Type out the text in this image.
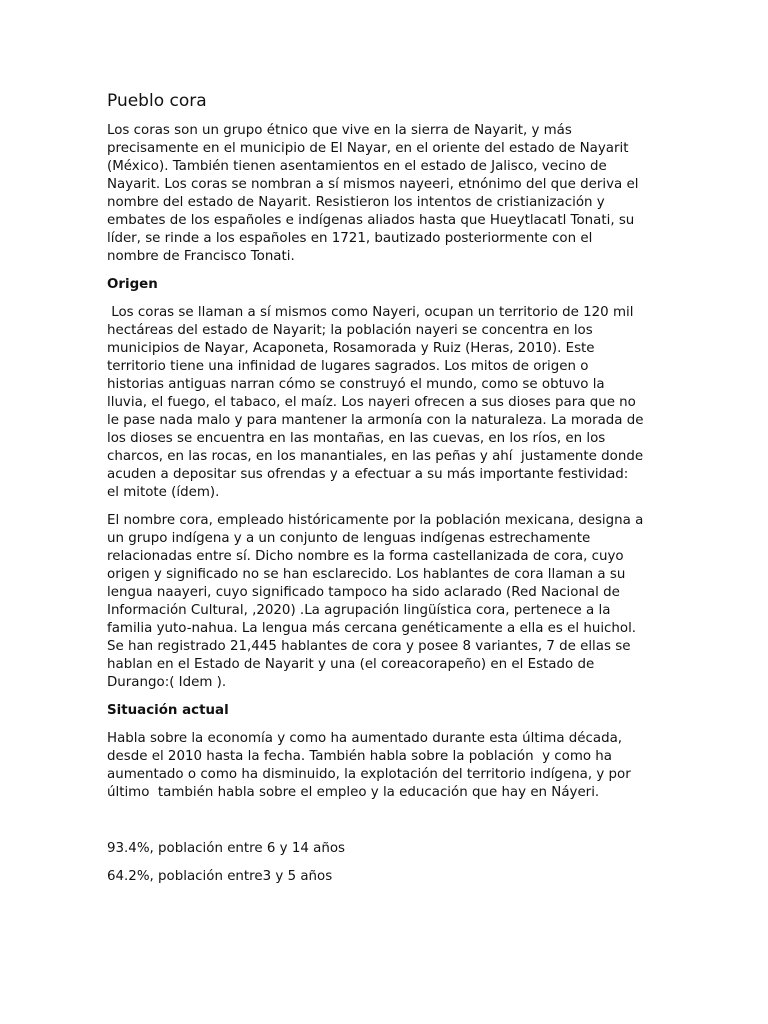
Pueblo cora
Los coras son un grupo étnico que vive en la sierra de Nayarit, y más
precisamente en el municipio de El Nayar, en el oriente del estado de Nayarit
(México). También tienen asentamientos en el estado de Jalisco, vecino de
Nayarit. Los coras se nombran a sí mismos nayeeri, etnónimo del que deriva el
nombre del estado de Nayarit. Resistieron los intentos de cristianización y
embates de los españoles e indígenas aliados hasta que Hueytlacatl Tonati, su
líder, se rinde a los españoles en 1721, bautizado posteriormente con el
nombre de Francisco Tonati.
Origen
Los coras se llaman a sí mismos como Nayeri, ocupan un territorio de 120 mil
hectáreas del estado de Nayarit; la población nayeri se concentra en los
municipios de Nayar, Acaponeta, Rosamorada y Ruiz (Heras, 2010). Este
territorio tiene una infinidad de lugares sagrados. Los mitos de origen o
historias antiguas narran cómo se construyó el mundo, como se obtuvo la
lluvia, el fuego, el tabaco, el maíz. Los nayeri ofrecen a sus dioses para que no
le pase nada malo y para mantener la armonía con la naturaleza. La morada de
los dioses se encuentra en las montañas, en las cuevas, en los ríos, en los
charcos, en las rocas, en los manantiales, en las peñas y ahí  justamente donde
acuden a depositar sus ofrendas y a efectuar a su más importante festividad:
el mitote (ídem).
El nombre cora, empleado históricamente por la población mexicana, designa a
un grupo indígena y a un conjunto de lenguas indígenas estrechamente
relacionadas entre sí. Dicho nombre es la forma castellanizada de cora, cuyo
origen y significado no se han esclarecido. Los hablantes de cora llaman a su
lengua naayeri, cuyo significado tampoco ha sido aclarado (Red Nacional de
Información Cultural, ,2020) .La agrupación lingüística cora, pertenece a la
familia yuto-nahua. La lengua más cercana genéticamente a ella es el huichol.
Se han registrado 21,445 hablantes de cora y posee 8 variantes, 7 de ellas se
hablan en el Estado de Nayarit y una (el coreacorapeño) en el Estado de
Durango:( Idem ).
Situación actual
Habla sobre la economía y como ha aumentado durante esta última década,
desde el 2010 hasta la fecha. También habla sobre la población  y como ha
aumentado o como ha disminuido, la explotación del territorio indígena, y por
último  también habla sobre el empleo y la educación que hay en Náyeri.
93.4%, población entre 6 y 14 años
64.2%, población entre3 y 5 años
